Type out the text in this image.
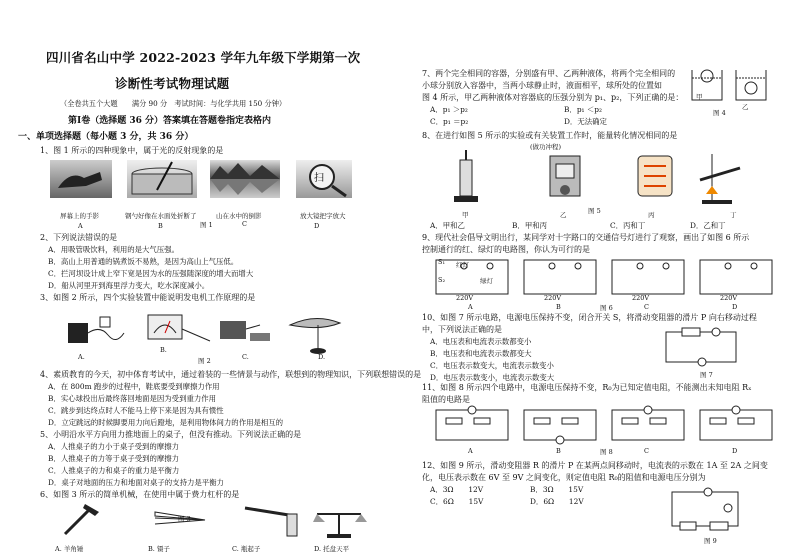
四川省名山中学 2022-2023 学年九年级下学期第一次
诊断性考试物理试题
（全卷共五个大题　　满分 90 分　考试时间：与化学共用 150 分钟）
第Ⅰ卷（选择题 36 分）答案填在答题卷指定表格内
一、单项选择题（每小题 3 分，共 36 分）
1、图 1 所示的四种现象中，属于光的反射现象的是
扫
屏幕上的手影	钢勺好像在水面处折断了	山在水中的倒影	放大镜把字放大
A	B	C	D
图 1
2、下列说法错误的是
A．用吸管吸饮料，利用的是大气压强。
B．高山上用普通的锅煮饭不易熟，是因为高山上气压低。
C．拦河坝设计成上窄下宽是因为水的压强随深度的增大而增大
D．船从河里开到海里浮力变大，吃水深度减小。
3、如图 2 所示，四个实验装置中能说明发电机工作原理的是
A.
B.
C.	D.
图 2
4、素质教育的今天，初中体育考试中，通过着装的一些情景与动作，联想到的物理知识，下列联想错误的是
A．在 800m 跑步的过程中，鞋底要受到摩擦力作用
B．实心球投出后最终落回地面是因为受到重力作用
C．跳步到达终点时人不能马上停下来是因为具有惯性
D．立定跳远的时候脚要用力向后蹬地，是利用物体间力的作用是相互的
5、小明沿水平方向用力推地面上的桌子，但没有推动。下列说法正确的是
A．人推桌子的力小于桌子受到的摩擦力
B．人推桌子的力等于桌子受到的摩擦力
C．人推桌子的力和桌子的重力是平衡力
D．桌子对地面的压力和地面对桌子的支持力是平衡力
6、如图 3 所示的简单机械，在使用中属于费力杠杆的是
A. 羊角锤	B. 镊子	C. 瓶起子	D. 托盘天平
图 3
7、两个完全相同的容器，分别盛有甲、乙两种液体，将两个完全相同的
小球分别放入容器中，当两小球静止时，液面相平，球所处的位置如
图 4 所示，甲乙两种液体对容器底的压强分别为 p₁、p₂，下列正确的是：
A．p₁ ＞p₂	B．p₁ ＜p₂
C．p₁ ＝p₂	D．无法确定
甲
乙
图 4
8、在进行如图 5 所示的实验或有关装置工作时，能量转化情况相同的是
(做功冲程)
甲	乙	丙	丁
图 5
A．甲和乙	B．甲和丙	C．丙和丁	D．乙和丁
9、现代社会倡导文明出行，某同学对十字路口的交通信号灯进行了观察，画出了如图 6 所示
控制通行的红、绿灯的电路图，你认为可行的是
S₁
S₂
红灯
绿灯
220V	220V	220V	220V
A	B	C	D
图 6
10、如图 7 所示电路，电源电压保持不变，闭合开关 S，将滑动变阻器的滑片 P 向右移动过程
中，下列说法正确的是
A．电压表和电流表示数都变小
B．电压表和电流表示数都变大
C．电压表示数变大，电流表示数变小
D．电压表示数变小，电流表示数变大	图 7
11、如图 8 所示四个电路中，电源电压保持不变，R₀为已知定值电阻，不能测出未知电阻 Rₓ
阻值的电路是
A	B	C	D
图 8
12、如图 9 所示，滑动变阻器 R 的滑片 P 在某两点间移动时，电流表的示数在 1A 至 2A 之间变
化，电压表示数在 6V 至 9V 之间变化，则定值电阻 R₀的阻值和电源电压分别为
A．3Ω　　12V	B．3Ω　　15V
C．6Ω　　15V	D．6Ω　　12V
图 9
